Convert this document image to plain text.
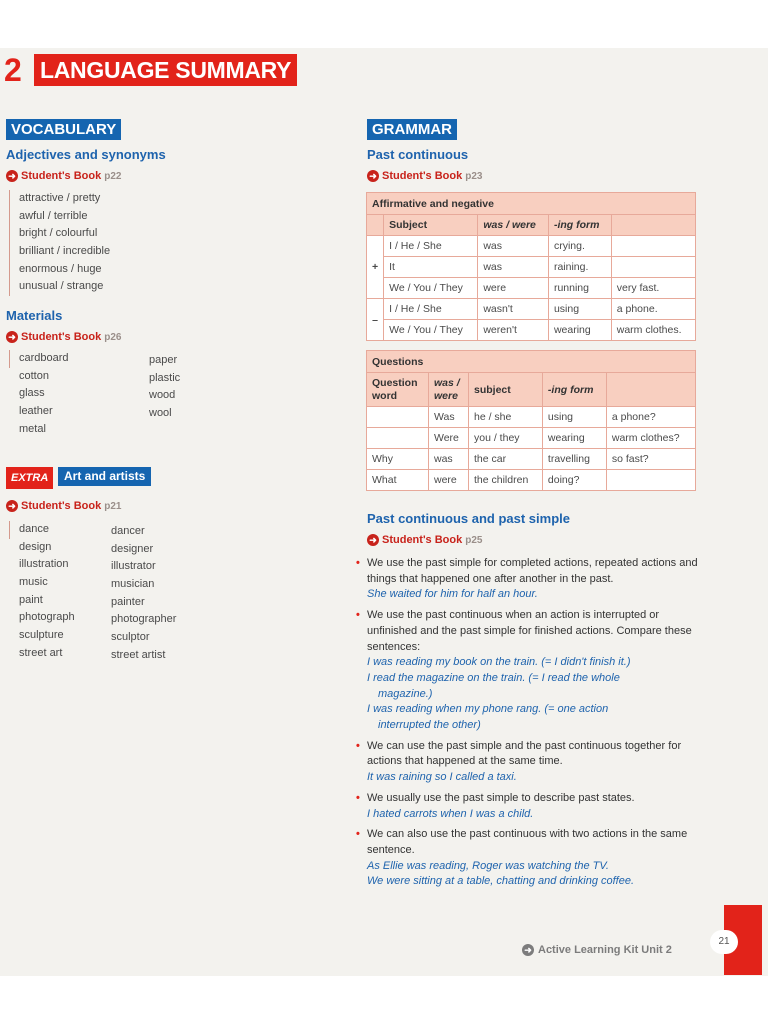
2 LANGUAGE SUMMARY
VOCABULARY
Adjectives and synonyms
➜ Student's Book p22
attractive / pretty
awful / terrible
bright / colourful
brilliant / incredible
enormous / huge
unusual / strange
Materials
➜ Student's Book p26
cardboard
cotton
glass
leather
metal
paper
plastic
wood
wool
EXTRA	Art and artists
➜ Student's Book p21
dance
design
illustration
music
paint
photograph
sculpture
street art
dancer
designer
illustrator
musician
painter
photographer
sculptor
street artist
GRAMMAR
Past continuous
➜ Student's Book p23
Affirmative and negative				
	Subject	was / were	-ing form	
+	I / He / She	was	crying.	
	It	was	raining.	
	We / You / They	were	running	very fast.
–	I / He / She	wasn't	using	a phone.
	We / You / They	weren't	wearing	warm clothes.
Questions				
Question word	was / were	subject	-ing form	
	Was	he / she	using	a phone?
	Were	you / they	wearing	warm clothes?
Why	was	the car	travelling	so fast?
What	were	the children	doing?	
Past continuous and past simple
➜ Student's Book p25
• We use the past simple for completed actions, repeated actions and things that happened one after another in the past.
She waited for him for half an hour.
• We use the past continuous when an action is interrupted or unfinished and the past simple for finished actions. Compare these sentences:
I was reading my book on the train. (= I didn't finish it.)
I read the magazine on the train. (= I read the whole
magazine.)
I was reading when my phone rang. (= one action
interrupted the other)
• We can use the past simple and the past continuous together for actions that happened at the same time.
It was raining so I called a taxi.
• We usually use the past simple to describe past states.
I hated carrots when I was a child.
• We can also use the past continuous with two actions in the same sentence.
As Ellie was reading, Roger was watching the TV.
We were sitting at a table, chatting and drinking coffee.
➜ Active Learning Kit Unit 2
21
